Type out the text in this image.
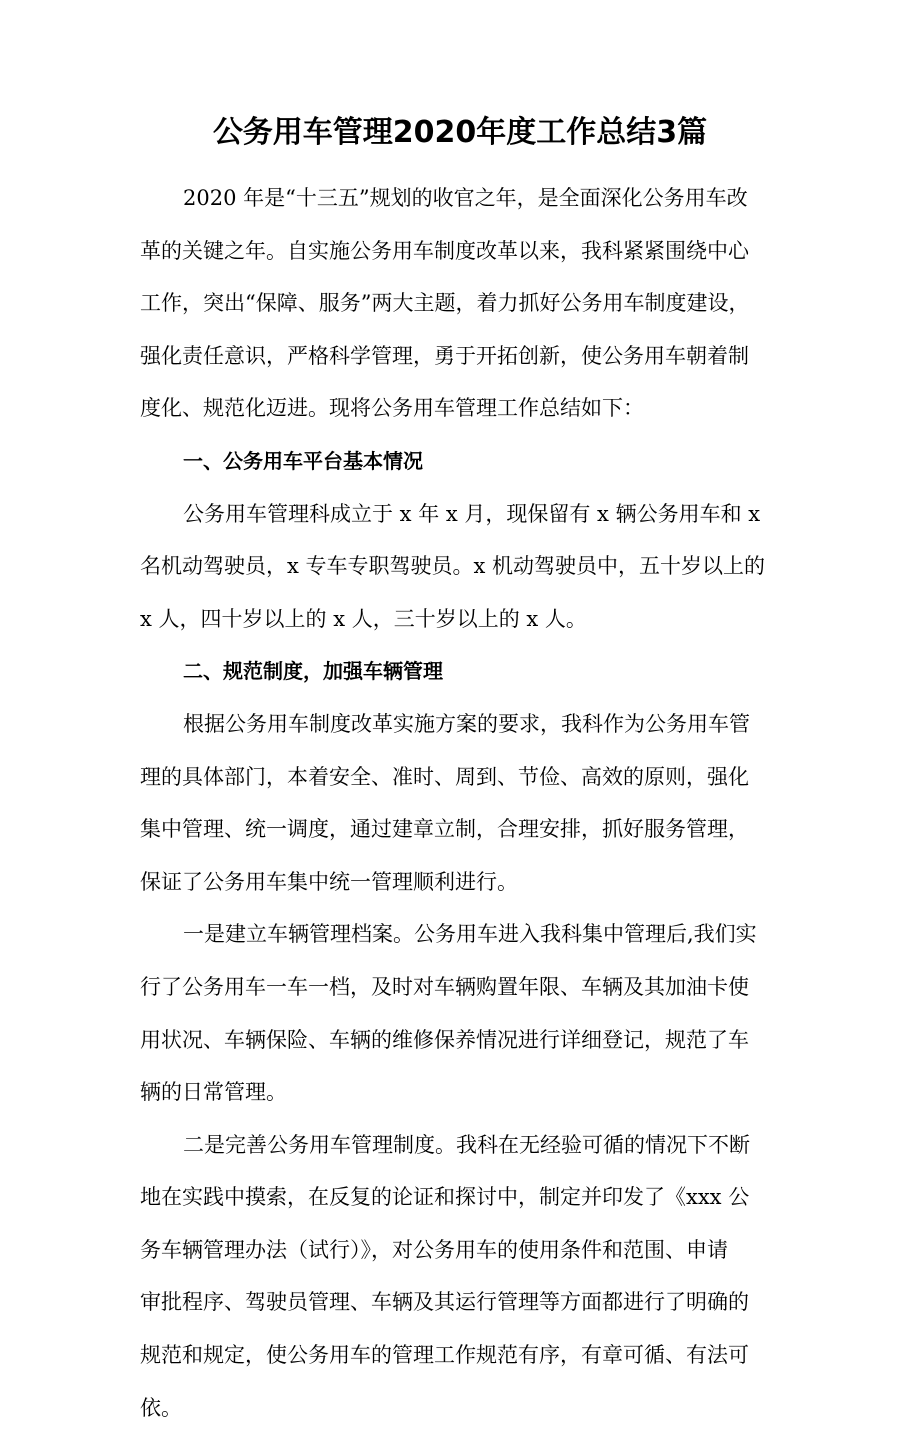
公务用车管理2020年度工作总结3篇
2020 年是“十三五”规划的收官之年，是全面深化公务用车改
革的关键之年。自实施公务用车制度改革以来，我科紧紧围绕中心
工作，突出“保障、服务”两大主题，着力抓好公务用车制度建设，
强化责任意识，严格科学管理，勇于开拓创新，使公务用车朝着制
度化、规范化迈进。现将公务用车管理工作总结如下：
一、公务用车平台基本情况
公务用车管理科成立于 x 年 x 月，现保留有 x 辆公务用车和 x
名机动驾驶员，x 专车专职驾驶员。x 机动驾驶员中，五十岁以上的
x 人，四十岁以上的 x 人，三十岁以上的 x 人。
二、规范制度，加强车辆管理
根据公务用车制度改革实施方案的要求，我科作为公务用车管
理的具体部门，本着安全、准时、周到、节俭、高效的原则，强化
集中管理、统一调度，通过建章立制，合理安排，抓好服务管理，
保证了公务用车集中统一管理顺利进行。
一是建立车辆管理档案。公务用车进入我科集中管理后,我们实
行了公务用车一车一档，及时对车辆购置年限、车辆及其加油卡使
用状况、车辆保险、车辆的维修保养情况进行详细登记，规范了车
辆的日常管理。
二是完善公务用车管理制度。我科在无经验可循的情况下不断
地在实践中摸索，在反复的论证和探讨中，制定并印发了《xxx 公
务车辆管理办法（试行）》，对公务用车的使用条件和范围、申请
审批程序、驾驶员管理、车辆及其运行管理等方面都进行了明确的
规范和规定，使公务用车的管理工作规范有序，有章可循、有法可
依。
